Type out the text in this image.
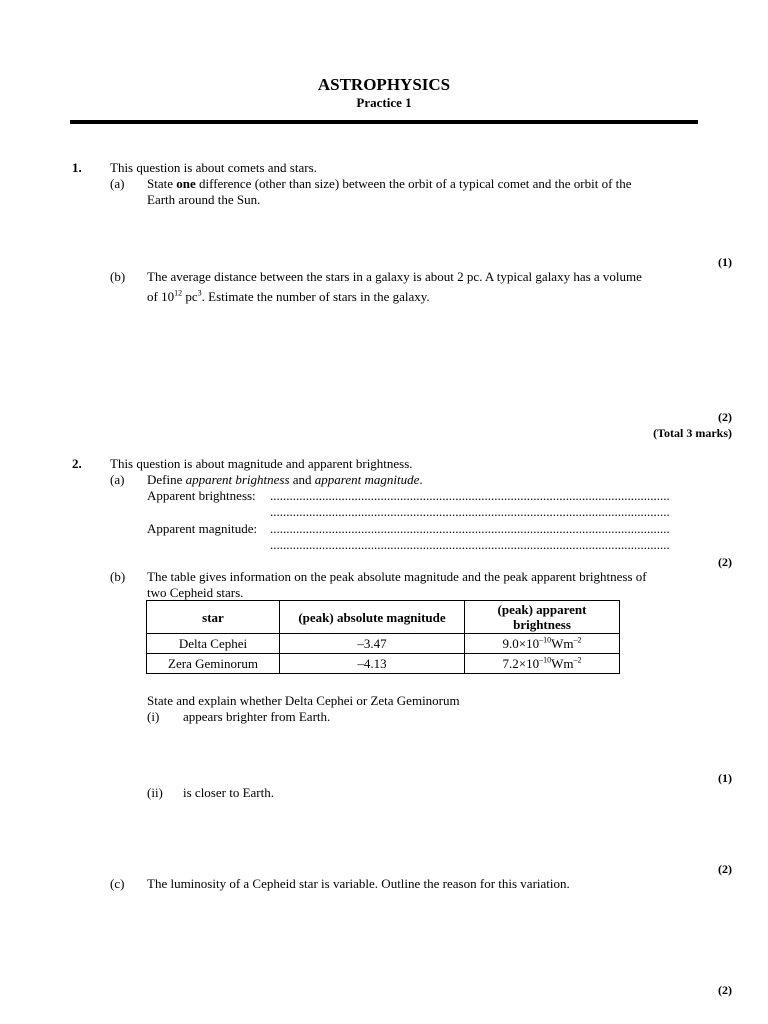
ASTROPHYSICS
Practice 1
1. This question is about comets and stars.
(a) State one difference (other than size) between the orbit of a typical comet and the orbit of the
Earth around the Sun.
(1)
(b) The average distance between the stars in a galaxy is about 2 pc. A typical galaxy has a volume
of $10^{12}$ $pc^3$. Estimate the number of stars in the galaxy.
(2)
(Total 3 marks)
2. This question is about magnitude and apparent brightness.
(a) Define apparent brightness and apparent magnitude.
Apparent brightness: ...........................................................................................................................
...........................................................................................................................
Apparent magnitude: ...........................................................................................................................
...........................................................................................................................
(2)
(b) The table gives information on the peak absolute magnitude and the peak apparent brightness of
two Cepheid stars.
star	(peak) absolute magnitude	(peak) apparent brightness
Delta Cephei	–3.47	$9.0\times 10^{-10}Wm^{-2}$
Zera Geminorum	–4.13	$7.2\times 10^{-10}Wm^{-2}$
State and explain whether Delta Cephei or Zeta Geminorum
(i) appears brighter from Earth.
(1)
(ii) is closer to Earth.
(2)
(c) The luminosity of a Cepheid star is variable. Outline the reason for this variation.
(2)
